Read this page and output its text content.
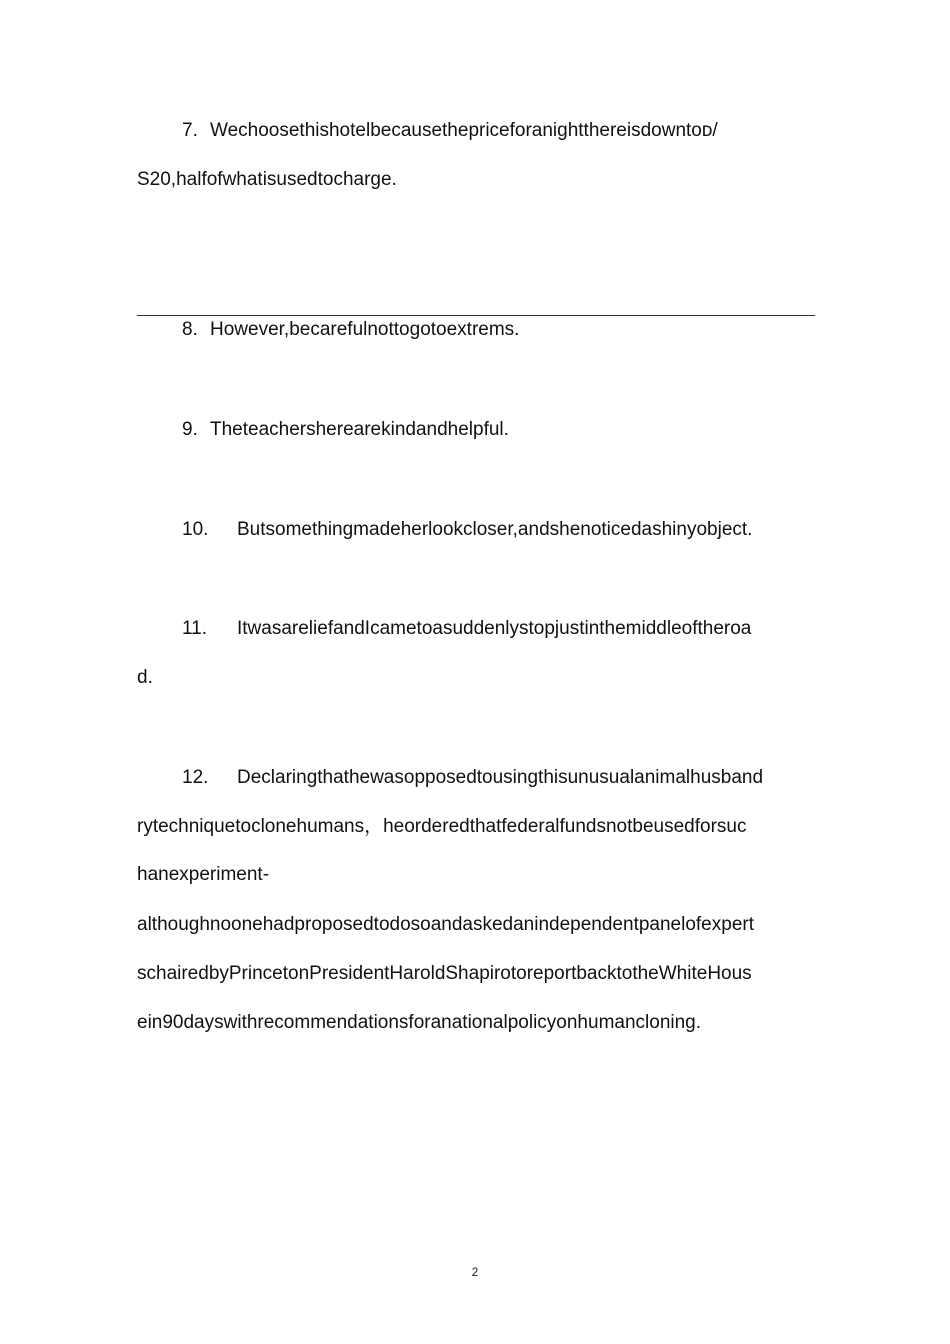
7. Wechoosethishotelbecausethepriceforanightthereisdowntoᴅ/
S20,halfofwhatisusedtocharge.
8. However,becarefulnottogotoextrems.
9. Theteachersherearekindandhelpful.
10. Butsomethingmadeherlookcloser,andshenoticedashinyobject.
11. ItwasareliefandIcametoasuddenlystopjustinthemiddleoftheroa
d.
12. Declaringthathewasopposedtousingthisunusualanimalhusband
rytechniquetoclonehumans，heorderedthatfederalfundsnotbeusedforsuc
hanexperiment-
althoughnoonehadproposedtodosoandaskedanindependentpanelofexpert
schairedbyPrincetonPresidentHaroldShapirotoreportbacktotheWhiteHous
ein90dayswithrecommendationsforanationalpolicyonhumancloning.
2
